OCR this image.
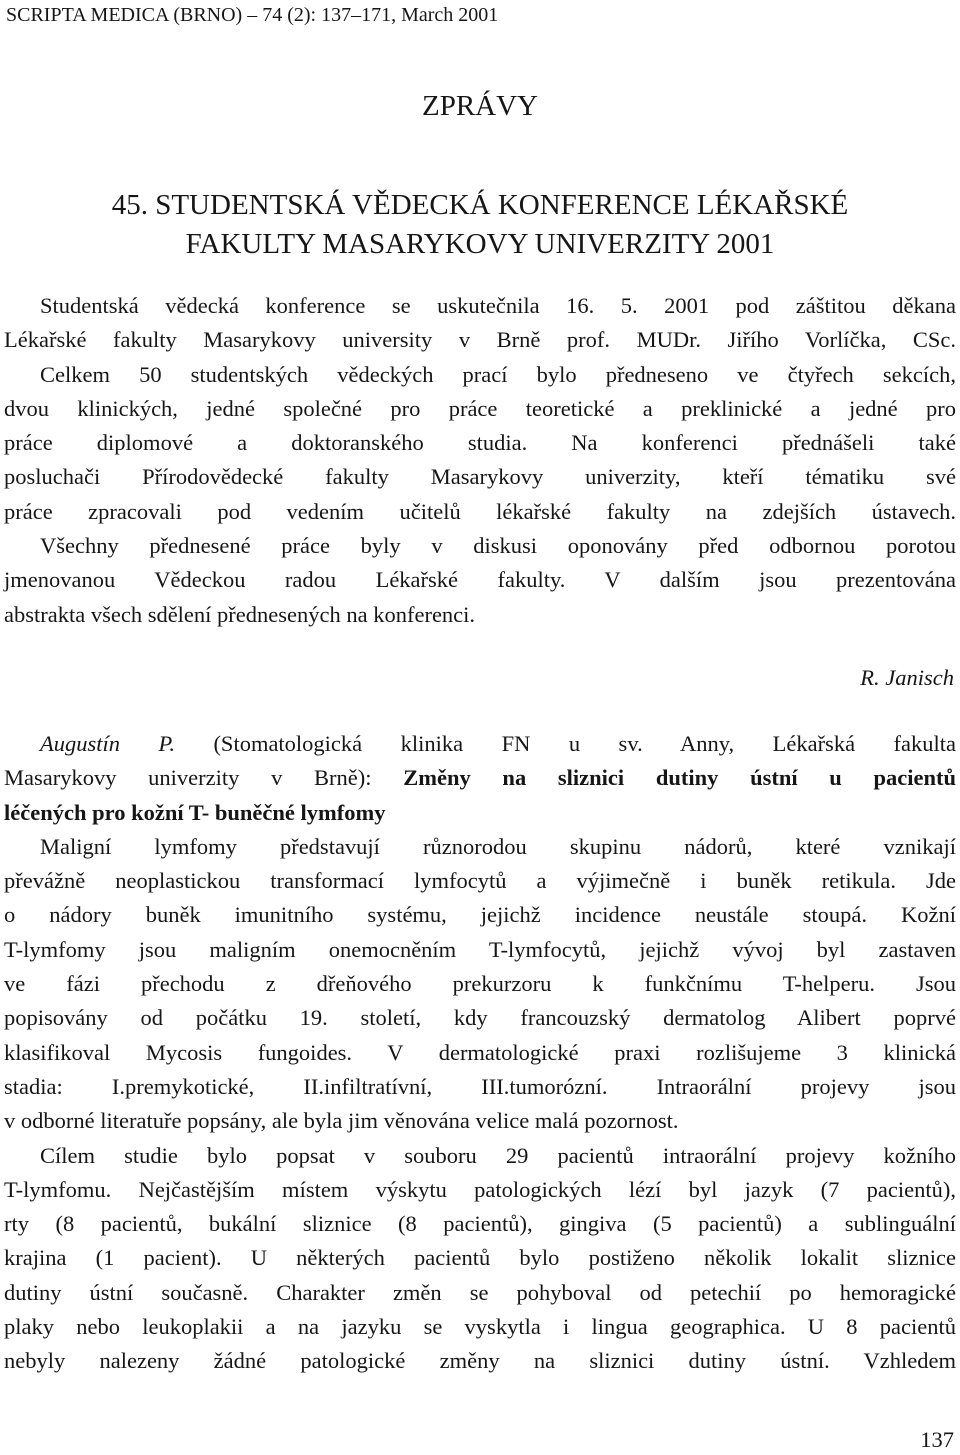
SCRIPTA MEDICA (BRNO) – 74 (2): 137–171, March 2001
ZPRÁVY
45. STUDENTSKÁ VĚDECKÁ KONFERENCE LÉKAŘSKÉ
FAKULTY MASARYKOVY UNIVERZITY 2001
Studentská vědecká konference se uskutečnila 16. 5. 2001 pod záštitou děkana
Lékařské fakulty Masarykovy university v Brně prof. MUDr. Jiřího Vorlíčka, CSc.
Celkem 50 studentských vědeckých prací bylo předneseno ve čtyřech sekcích,
dvou klinických, jedné společné pro práce teoretické a preklinické a jedné pro
práce diplomové a doktoranského studia. Na konferenci přednášeli také
posluchači Přírodovědecké fakulty Masarykovy univerzity, kteří tématiku své
práce zpracovali pod vedením učitelů lékařské fakulty na zdejších ústavech.
Všechny přednesené práce byly v diskusi oponovány před odbornou porotou
jmenovanou Vědeckou radou Lékařské fakulty. V dalším jsou prezentována
abstrakta všech sdělení přednesených na konferenci.
R. Janisch
Augustín P. (Stomatologická klinika FN u sv. Anny, Lékařská fakulta
Masarykovy univerzity v Brně): Změny na sliznici dutiny ústní u pacientů
léčených pro kožní T- buněčné lymfomy
Maligní lymfomy představují různorodou skupinu nádorů, které vznikají
převážně neoplastickou transformací lymfocytů a výjimečně i buněk retikula. Jde
o nádory buněk imunitního systému, jejichž incidence neustále stoupá. Kožní
T-lymfomy jsou maligním onemocněním T-lymfocytů, jejichž vývoj byl zastaven
ve fázi přechodu z dřeňového prekurzoru k funkčnímu T-helperu. Jsou
popisovány od počátku 19. století, kdy francouzský dermatolog Alibert poprvé
klasifikoval Mycosis fungoides. V dermatologické praxi rozlišujeme 3 klinická
stadia: I.premykotické, II.infiltratívní, III.tumorózní. Intraorální projevy jsou
v odborné literatuře popsány, ale byla jim věnována velice malá pozornost.
Cílem studie bylo popsat v souboru 29 pacientů intraorální projevy kožního
T-lymfomu. Nejčastějším místem výskytu patologických lézí byl jazyk (7 pacientů),
rty (8 pacientů, bukální sliznice (8 pacientů), gingiva (5 pacientů) a sublinguální
krajina (1 pacient). U některých pacientů bylo postiženo několik lokalit sliznice
dutiny ústní současně. Charakter změn se pohyboval od petechií po hemoragické
plaky nebo leukoplakii a na jazyku se vyskytla i lingua geographica. U 8 pacientů
nebyly nalezeny žádné patologické změny na sliznici dutiny ústní. Vzhledem
137
